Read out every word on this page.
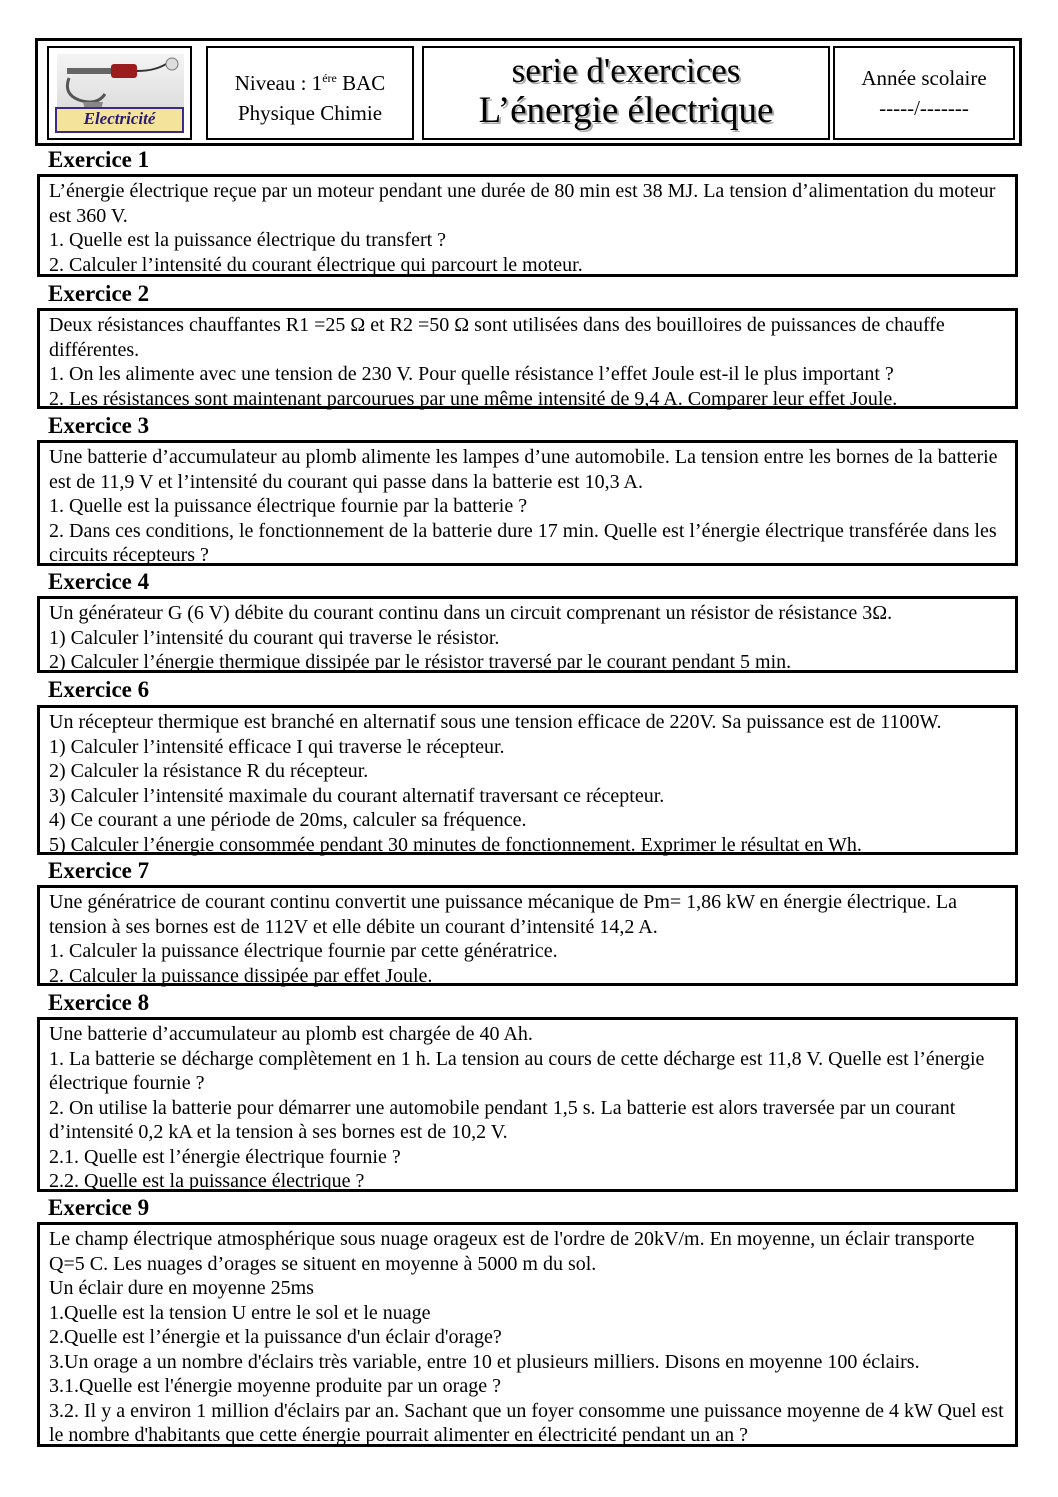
Electricité
Niveau : $1^{ére}$ BAC
Physique Chimie
serie d'exercices
L’énergie électrique
Année scolaire
-----/-------
Exercice 1

L’énergie électrique reçue par un moteur pendant une durée de 80 min est 38 MJ. La tension d’alimentation du moteur est 360 V.

1. Quelle est la puissance électrique du transfert ?

2. Calculer l’intensité du courant électrique qui parcourt le moteur.

Exercice 2

Deux résistances chauffantes R1 =25 Ω et R2 =50 Ω sont utilisées dans des bouilloires de puissances de chauffe différentes.

1. On les alimente avec une tension de 230 V. Pour quelle résistance l’effet Joule est-il le plus important ?

2. Les résistances sont maintenant parcourues par une même intensité de 9,4 A. Comparer leur effet Joule.

Exercice 3

Une batterie d’accumulateur au plomb alimente les lampes d’une automobile. La tension entre les bornes de la batterie est de 11,9 V et l’intensité du courant qui passe dans la batterie est 10,3 A.

1. Quelle est la puissance électrique fournie par la batterie ?

2. Dans ces conditions, le fonctionnement de la batterie dure 17 min. Quelle est l’énergie électrique transférée dans les circuits récepteurs ?

Exercice 4

Un générateur G (6 V) débite du courant continu dans un circuit comprenant un résistor de résistance 3Ω.

1) Calculer l’intensité du courant qui traverse le résistor.

2) Calculer l’énergie thermique dissipée par le résistor traversé par le courant pendant 5 min.

Exercice 6

Un récepteur thermique est branché en alternatif sous une tension efficace de 220V. Sa puissance est de 1100W.

1) Calculer l’intensité efficace I qui traverse le récepteur.

2) Calculer la résistance R du récepteur.

3) Calculer l’intensité maximale du courant alternatif traversant ce récepteur.

4) Ce courant a une période de 20ms, calculer sa fréquence.

5) Calculer l’énergie consommée pendant 30 minutes de fonctionnement. Exprimer le résultat en Wh.

Exercice 7

Une génératrice de courant continu convertit une puissance mécanique de Pm= 1,86 kW en énergie électrique. La tension à ses bornes est de 112V et elle débite un courant d’intensité 14,2 A.

1. Calculer la puissance électrique fournie par cette génératrice.

2. Calculer la puissance dissipée par effet Joule.

Exercice 8

Une batterie d’accumulateur au plomb est chargée de 40 Ah.

1. La batterie se décharge complètement en 1 h. La tension au cours de cette décharge est 11,8 V. Quelle est l’énergie électrique fournie ?

2. On utilise la batterie pour démarrer une automobile pendant 1,5 s. La batterie est alors traversée par un courant d’intensité 0,2 kA et la tension à ses bornes est de 10,2 V.

2.1. Quelle est l’énergie électrique fournie ?

2.2. Quelle est la puissance électrique ?

Exercice 9

Le champ électrique atmosphérique sous nuage orageux est de l'ordre de 20kV/m. En moyenne, un éclair transporte Q=5 C. Les nuages d’orages se situent en moyenne à 5000 m du sol.

Un éclair dure en moyenne 25ms

1.Quelle est la tension U entre le sol et le nuage

2.Quelle est l’énergie et la puissance d'un éclair d'orage?

3.Un orage a un nombre d'éclairs très variable, entre 10 et plusieurs milliers. Disons en moyenne 100 éclairs.

3.1.Quelle est l'énergie moyenne produite par un orage ?

3.2. Il y a environ 1 million d'éclairs par an. Sachant que un foyer consomme une puissance moyenne de 4 kW Quel est le nombre d'habitants que cette énergie pourrait alimenter en électricité pendant un an ?
